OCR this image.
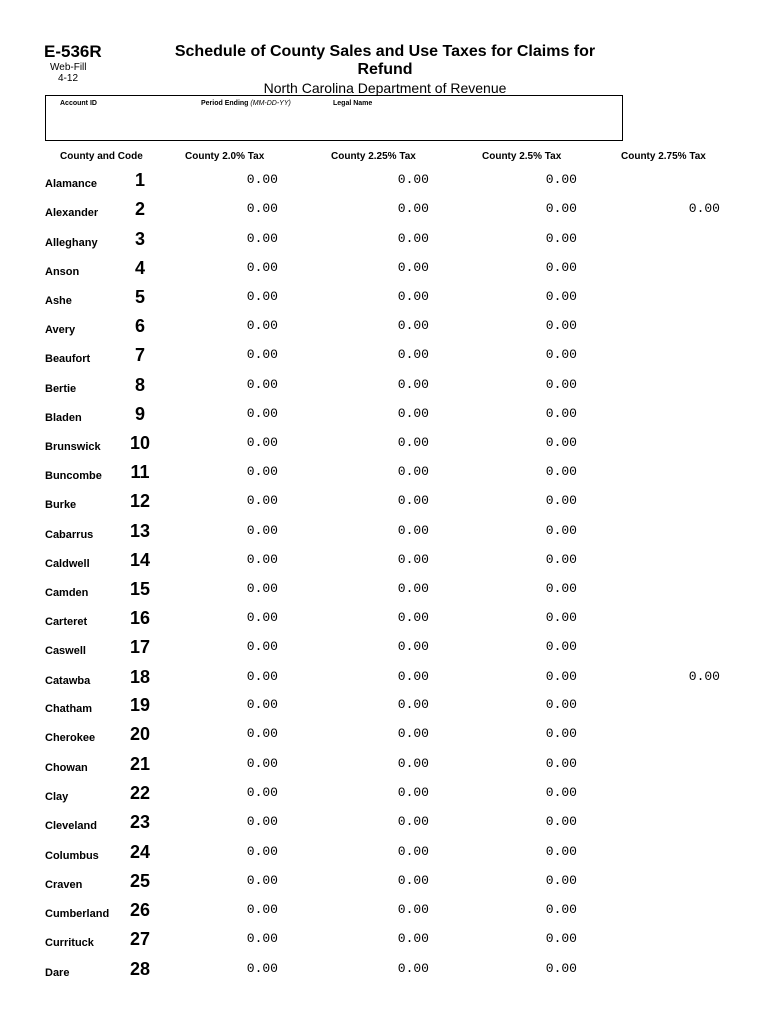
E-536R
Web-Fill
4-12
Schedule of County Sales and Use Taxes for Claims for Refund
North Carolina Department of Revenue
Account ID	Period Ending (MM-DD-YY)	Legal Name
County and Code	County 2.0% Tax	County 2.25% Tax	County 2.5% Tax	County 2.75% Tax
Alamance	1	0.00	0.00	0.00
Alexander	2	0.00	0.00	0.00	0.00
Alleghany	3	0.00	0.00	0.00
Anson	4	0.00	0.00	0.00
Ashe	5	0.00	0.00	0.00
Avery	6	0.00	0.00	0.00
Beaufort	7	0.00	0.00	0.00
Bertie	8	0.00	0.00	0.00
Bladen	9	0.00	0.00	0.00
Brunswick	10	0.00	0.00	0.00
Buncombe	11	0.00	0.00	0.00
Burke	12	0.00	0.00	0.00
Cabarrus	13	0.00	0.00	0.00
Caldwell	14	0.00	0.00	0.00
Camden	15	0.00	0.00	0.00
Carteret	16	0.00	0.00	0.00
Caswell	17	0.00	0.00	0.00
Catawba	18	0.00	0.00	0.00	0.00
Chatham	19	0.00	0.00	0.00
Cherokee	20	0.00	0.00	0.00
Chowan	21	0.00	0.00	0.00
Clay	22	0.00	0.00	0.00
Cleveland	23	0.00	0.00	0.00
Columbus	24	0.00	0.00	0.00
Craven	25	0.00	0.00	0.00
Cumberland	26	0.00	0.00	0.00
Currituck	27	0.00	0.00	0.00
Dare	28	0.00	0.00	0.00
